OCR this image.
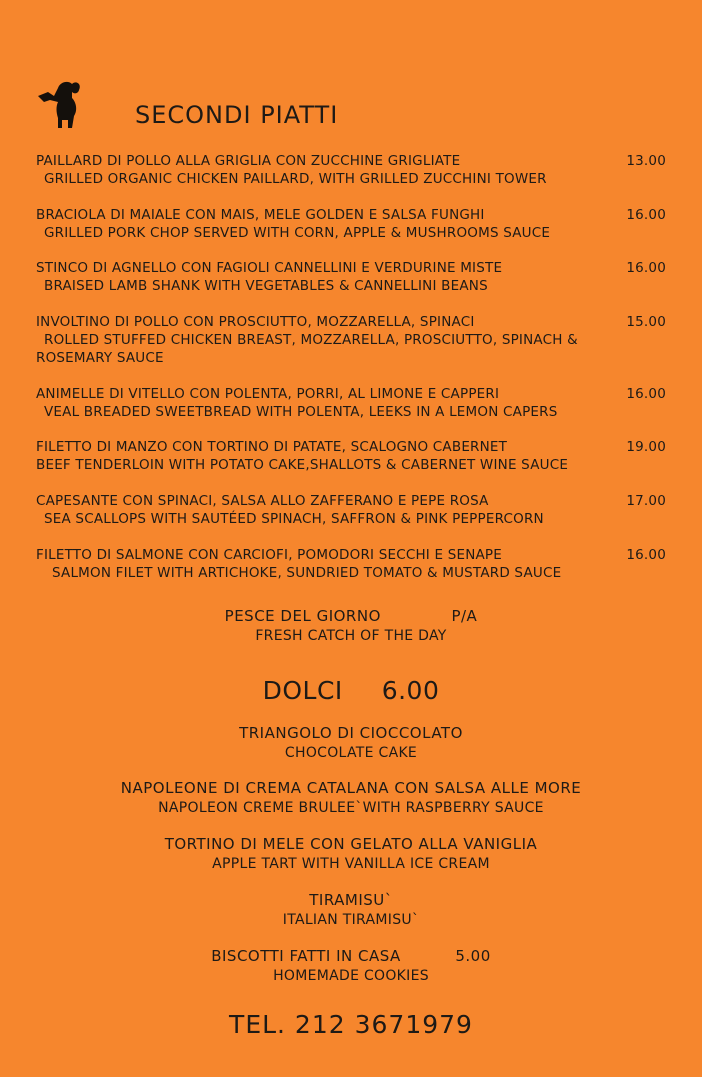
SECONDI PIATTI
PAILLARD DI POLLO ALLA GRIGLIA CON ZUCCHINE GRIGLIATE	13.00
GRILLED ORGANIC CHICKEN PAILLARD, WITH GRILLED ZUCCHINI TOWER
BRACIOLA DI MAIALE CON MAIS, MELE GOLDEN E SALSA FUNGHI	16.00
GRILLED PORK CHOP SERVED WITH CORN, APPLE & MUSHROOMS SAUCE
STINCO DI AGNELLO CON FAGIOLI CANNELLINI E VERDURINE MISTE	16.00
BRAISED LAMB SHANK WITH VEGETABLES & CANNELLINI BEANS
INVOLTINO DI POLLO CON PROSCIUTTO, MOZZARELLA, SPINACI	15.00
ROLLED STUFFED CHICKEN BREAST, MOZZARELLA, PROSCIUTTO, SPINACH &
ROSEMARY SAUCE
ANIMELLE DI VITELLO CON POLENTA, PORRI, AL LIMONE E CAPPERI	16.00
VEAL BREADED SWEETBREAD WITH POLENTA, LEEKS IN A LEMON CAPERS
FILETTO DI MANZO CON TORTINO DI PATATE, SCALOGNO CABERNET	19.00
BEEF TENDERLOIN WITH POTATO CAKE,SHALLOTS & CABERNET WINE SAUCE
CAPESANTE CON SPINACI, SALSA ALLO ZAFFERANO E PEPE ROSA	17.00
SEA SCALLOPS WITH SAUTÉED SPINACH, SAFFRON & PINK PEPPERCORN
FILETTO DI SALMONE CON CARCIOFI, POMODORI SECCHI E SENAPE	16.00
SALMON FILET WITH ARTICHOKE, SUNDRIED TOMATO & MUSTARD SAUCE
PESCE DEL GIORNO	P/A
FRESH CATCH OF THE DAY
DOLCI 6.00
TRIANGOLO DI CIOCCOLATO
CHOCOLATE CAKE
NAPOLEONE DI CREMA CATALANA CON SALSA ALLE MORE
NAPOLEON CREME BRULEE`WITH RASPBERRY SAUCE
TORTINO DI MELE CON GELATO ALLA VANIGLIA
APPLE TART WITH VANILLA ICE CREAM
TIRAMISU`
ITALIAN TIRAMISU`
BISCOTTI FATTI IN CASA	5.00
HOMEMADE COOKIES
TEL. 212 3671979
